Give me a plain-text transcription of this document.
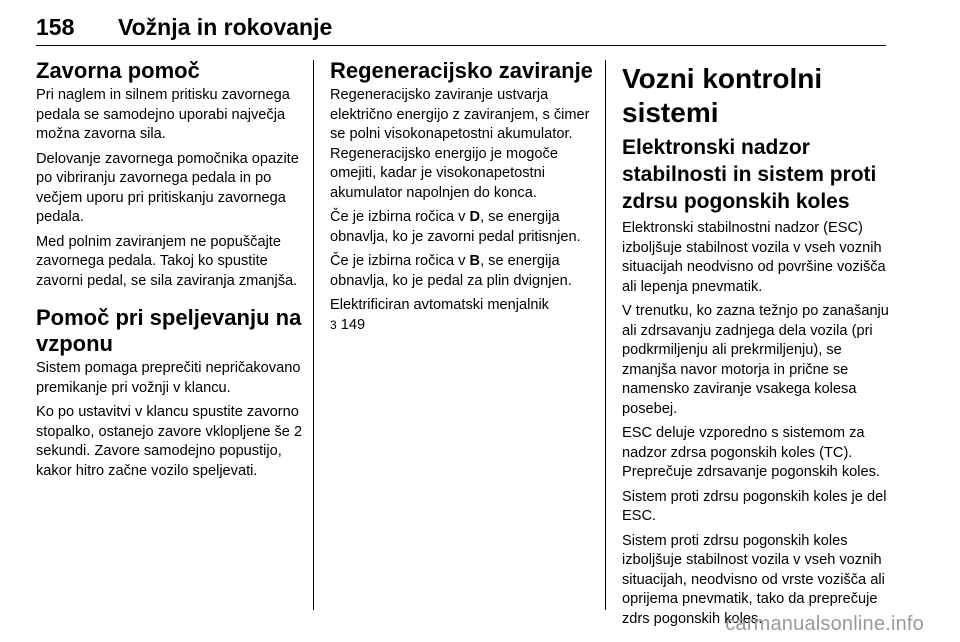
158 Vožnja in rokovanje
Zavorna pomoč

Pri naglem in silnem pritisku zavornega pedala se samodejno uporabi največja možna zavorna sila.

Delovanje zavornega pomočnika opazite po vibriranju zavornega pedala in po večjem uporu pri pritiskanju zavornega pedala.

Med polnim zaviranjem ne popuščajte zavornega pedala. Takoj ko spustite zavorni pedal, se sila zaviranja zmanjša.

Pomoč pri speljevanju na vzponu

Sistem pomaga preprečiti nepričakovano premikanje pri vožnji v klancu.

Ko po ustavitvi v klancu spustite zavorno stopalko, ostanejo zavore vklopljene še 2 sekundi. Zavore samodejno popustijo, kakor hitro začne vozilo speljevati.

Regeneracijsko zaviranje

Regeneracijsko zaviranje ustvarja električno energijo z zaviranjem, s čimer se polni visokonapetostni akumulator. Regeneracijsko energijo je mogoče omejiti, kadar je visokonapetostni akumulator napolnjen do konca.

Če je izbirna ročica v D, se energija obnavlja, ko je zavorni pedal pritisnjen.

Če je izbirna ročica v B, se energija obnavlja, ko je pedal za plin dvignjen.

Elektrificiran avtomatski menjalnik
3 149

Vozni kontrolni sistemi
Elektronski nadzor stabilnosti in sistem proti zdrsu pogonskih koles

Elektronski stabilnostni nadzor (ESC) izboljšuje stabilnost vozila v vseh voznih situacijah neodvisno od površine vozišča ali lepenja pnevmatik.

V trenutku, ko zazna težnjo po zanašanju ali zdrsavanju zadnjega dela vozila (pri podkrmiljenju ali prekrmiljenju), se zmanjša navor motorja in prične se namensko zaviranje vsakega kolesa posebej.

ESC deluje vzporedno s sistemom za nadzor zdrsa pogonskih koles (TC). Preprečuje zdrsavanje pogonskih koles.

Sistem proti zdrsu pogonskih koles je del ESC.

Sistem proti zdrsu pogonskih koles izboljšuje stabilnost vozila v vseh voznih situacijah, neodvisno od vrste vozišča ali oprijema pnevmatik, tako da preprečuje zdrs pogonskih koles.

carmanualsonline.info
